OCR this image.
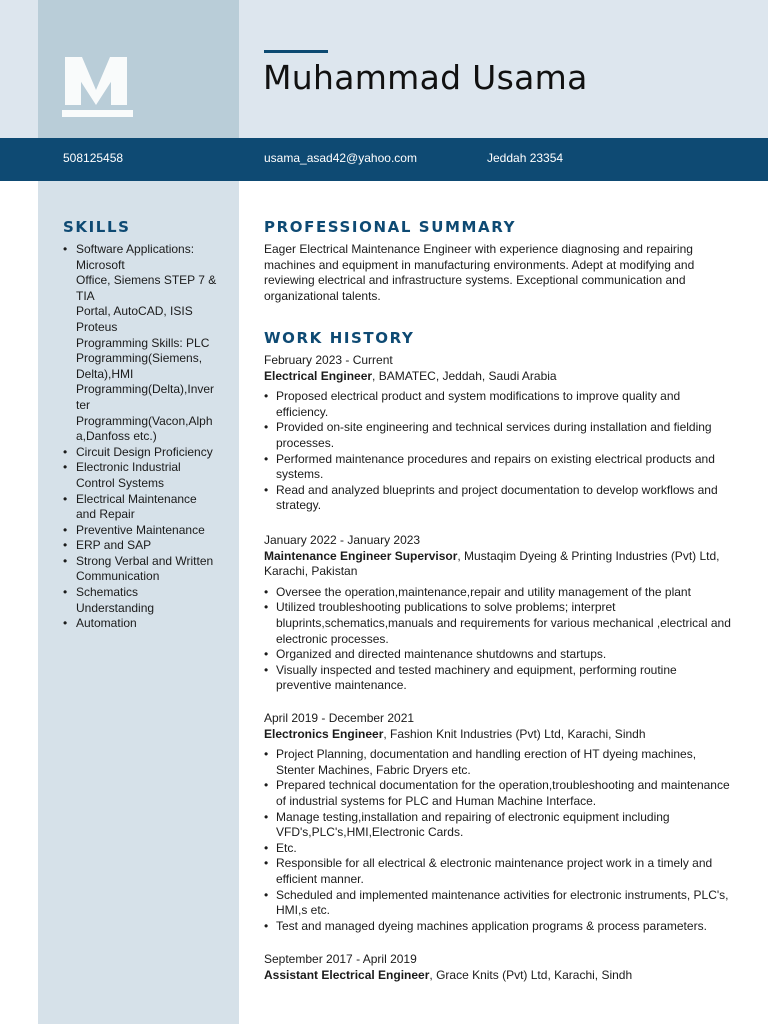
Muhammad Usama
508125458	usama_asad42@yahoo.com	Jeddah 23354
SKILLS
• Software Applications:
Microsoft
Office, Siemens STEP 7 &
TIA
Portal, AutoCAD, ISIS
Proteus
Programming Skills: PLC
Programming(Siemens,
Delta),HMI
Programming(Delta),Inver
ter
Programming(Vacon,Alph
a,Danfoss etc.)
• Circuit Design Proficiency
• Electronic Industrial
Control Systems
• Electrical Maintenance
and Repair
• Preventive Maintenance
• ERP and SAP
• Strong Verbal and Written
Communication
• Schematics
Understanding
• Automation
PROFESSIONAL SUMMARY

Eager Electrical Maintenance Engineer with experience diagnosing and repairing machines and equipment in manufacturing environments. Adept at modifying and reviewing electrical and infrastructure systems. Exceptional communication and organizational talents.

WORK HISTORY
February 2023 - Current
Electrical Engineer, BAMATEC, Jeddah, Saudi Arabia
• Proposed electrical product and system modifications to improve quality and efficiency.
• Provided on-site engineering and technical services during installation and fielding processes.
• Performed maintenance procedures and repairs on existing electrical products and systems.
• Read and analyzed blueprints and project documentation to develop workflows and strategy.
January 2022 - January 2023
Maintenance Engineer Supervisor, Mustaqim Dyeing & Printing Industries (Pvt) Ltd, Karachi, Pakistan
• Oversee the operation,maintenance,repair and utility management of the plant
• Utilized troubleshooting publications to solve problems; interpret bluprints,schematics,manuals and requirements for various mechanical ,electrical and electronic processes.
• Organized and directed maintenance shutdowns and startups.
• Visually inspected and tested machinery and equipment, performing routine preventive maintenance.
April 2019 - December 2021
Electronics Engineer, Fashion Knit Industries (Pvt) Ltd, Karachi, Sindh
• Project Planning, documentation and handling erection of HT dyeing machines, Stenter Machines, Fabric Dryers etc.
• Prepared technical documentation for the operation,troubleshooting and maintenance of industrial systems for PLC and Human Machine Interface.
• Manage testing,installation and repairing of electronic equipment including VFD's,PLC's,HMI,Electronic Cards.
• Etc.
• Responsible for all electrical & electronic maintenance project work in a timely and efficient manner.
• Scheduled and implemented maintenance activities for electronic instruments, PLC's, HMI,s etc.
• Test and managed dyeing machines application programs & process parameters.
September 2017 - April 2019
Assistant Electrical Engineer, Grace Knits (Pvt) Ltd, Karachi, Sindh
